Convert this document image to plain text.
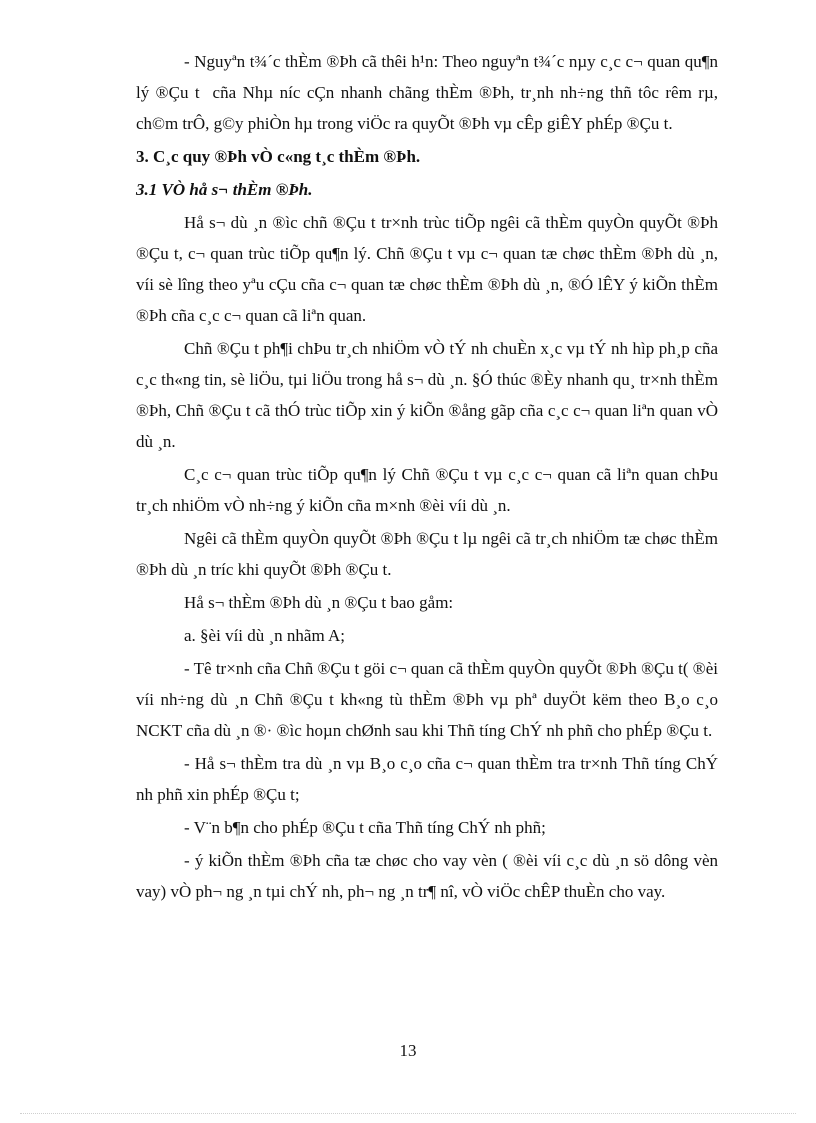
- Nguyªn t¾´c thÈm ®Þh cã thêi h¹n: Theo nguyªn t¾´c nµy c¸c c¬ quan qu¶n lý ®Çu t  cña Nhµ níc cÇn nhanh chãng thÈm ®Þh, tr¸nh nh÷ng thñ tôc rêm rµ, ch©m trÔ, g©y phiÒn hµ trong viÖc ra quyÕt ®Þh vµ cÊp giÊY phÉp ®Çu t.

3. C¸c quy ®Þh vÒ c«ng t¸c thÈm ®Þh.

3.1 VÒ hå s¬ thÈm ®Þh.

Hå s¬ dù ¸n ®ìc chñ ®Çu t tr×nh trùc tiÕp ngêi cã thÈm quyÒn quyÕt ®Þh ®Çu t, c¬ quan trùc tiÕp qu¶n lý. Chñ ®Çu t vµ c¬ quan tæ chøc thÈm ®Þh dù ¸n, víi sè lîng theo yªu cÇu cña c¬ quan tæ chøc thÈm ®Þh dù ¸n, ®Ó lÊY ý kiÕn thÈm ®Þh cña c¸c c¬ quan cã liªn quan.

Chñ ®Çu t ph¶i chÞu tr¸ch nhiÖm vÒ tÝ nh chuÈn x¸c vµ tÝ nh hìp ph¸p cña c¸c th«ng tin, sè liÖu, tµi liÖu trong hå s¬ dù ¸n. §Ó thúc ®Èy nhanh qu¸ tr×nh thÈm ®Þh, Chñ ®Çu t cã thÓ trùc tiÕp xin ý kiÕn ®ång gãp cña c¸c c¬ quan liªn quan vÒ dù ¸n.

C¸c c¬ quan trùc tiÕp qu¶n lý Chñ ®Çu t vµ c¸c c¬ quan cã liªn quan chÞu tr¸ch nhiÖm vÒ nh÷ng ý kiÕn cña m×nh ®èi víi dù ¸n.

Ngêi cã thÈm quyÒn quyÕt ®Þh ®Çu t lµ ngêi cã tr¸ch nhiÖm tæ chøc thÈm ®Þh dù ¸n tríc khi quyÕt ®Þh ®Çu t.

Hå s¬ thÈm ®Þh dù ¸n ®Çu t bao gåm:

a. §èi víi dù ¸n nhãm A;

- Tê tr×nh cña Chñ ®Çu t göi c¬ quan cã thÈm quyÒn quyÕt ®Þh ®Çu t( ®èi víi nh÷ng dù ¸n Chñ ®Çu t kh«ng tù thÈm ®Þh vµ phª duyÖt këm theo B¸o c¸o NCKT cña dù ¸n ®· ®ìc hoµn chØnh sau khi Thñ tíng ChÝ nh phñ cho phÉp ®Çu t.

- Hå s¬ thÈm tra dù ¸n vµ B¸o c¸o cña c¬ quan thÈm tra tr×nh Thñ tíng ChÝ nh phñ xin phÉp ®Çu t;

- V¨n b¶n cho phÉp ®Çu t cña Thñ tíng ChÝ nh phñ;

- ý kiÕn thÈm ®Þh cña tæ chøc cho vay vèn ( ®èi víi c¸c dù ¸n sö dông vèn vay) vÒ ph¬ ng ¸n tµi chÝ nh, ph¬ ng ¸n tr¶ nî, vÒ viÖc chÊP thuÈn cho vay.

13
